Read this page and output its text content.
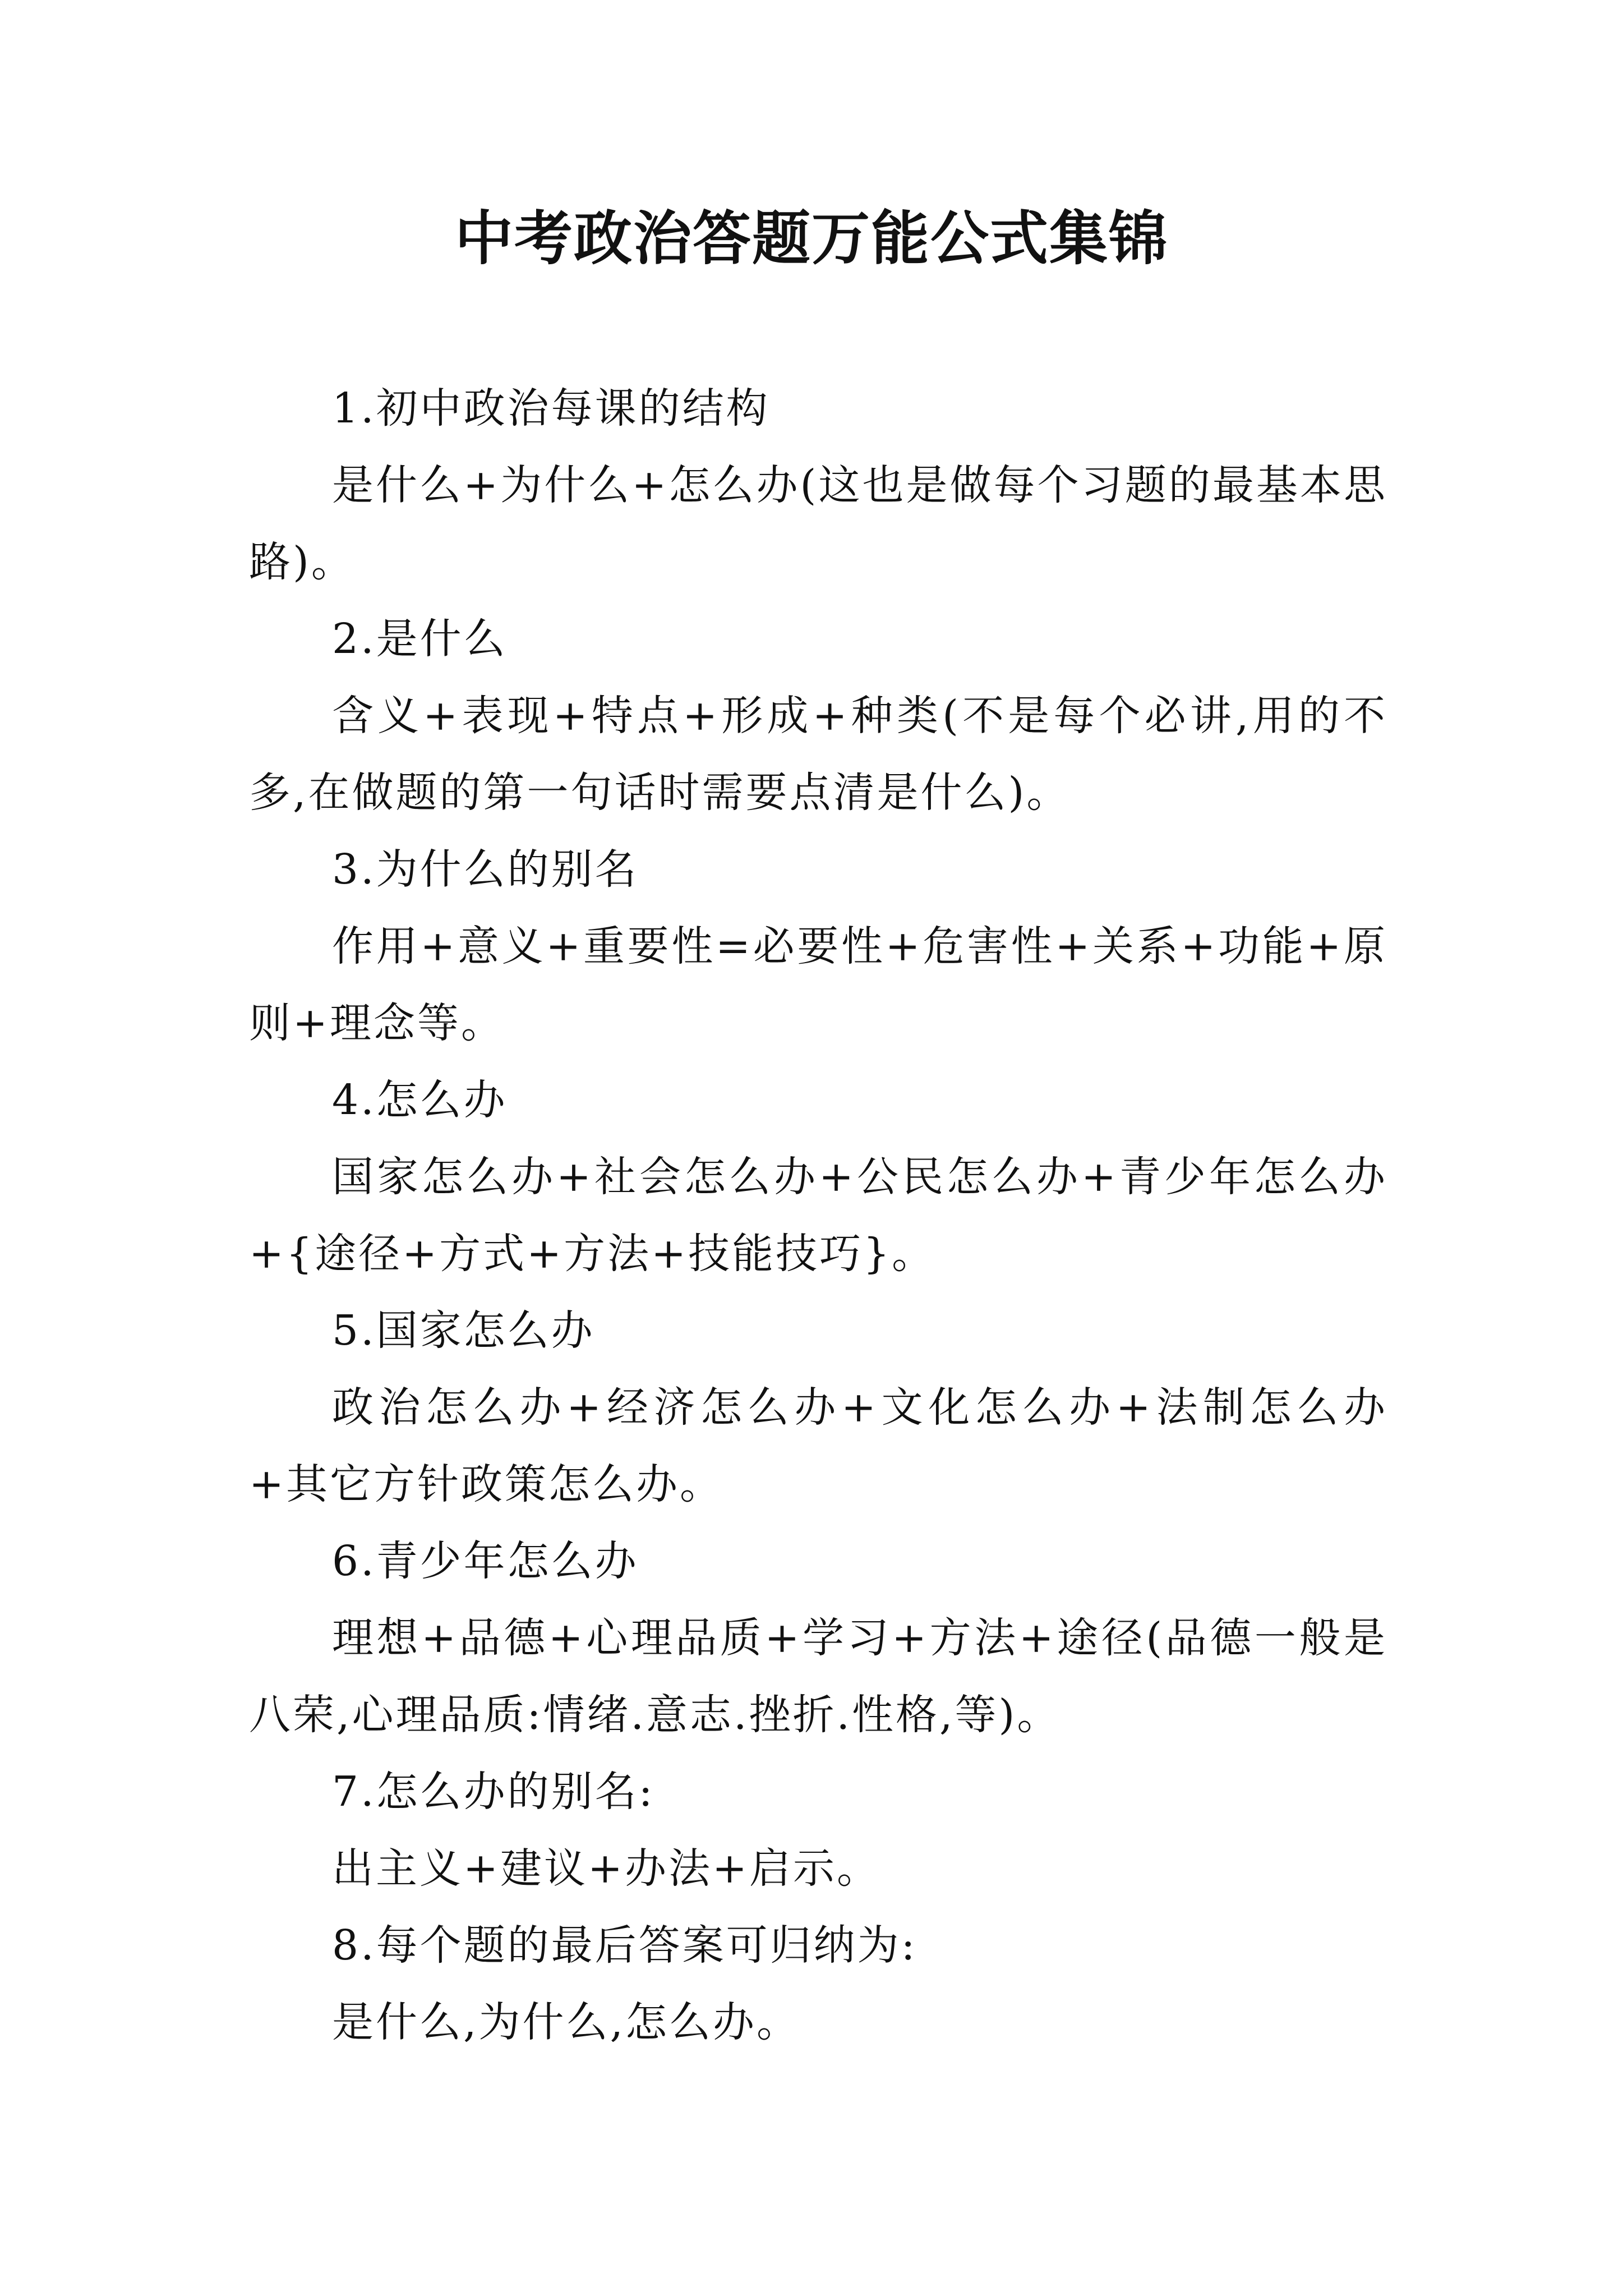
中考政治答题万能公式集锦

1.初中政治每课的结构

是什么+为什么+怎么办(这也是做每个习题的最基本思路)。

2.是什么

含义+表现+特点+形成+种类(不是每个必讲,用的不多,在做题的第一句话时需要点清是什么)。

3.为什么的别名

作用+意义+重要性=必要性+危害性+关系+功能+原则+理念等。

4.怎么办

国家怎么办+社会怎么办+公民怎么办+青少年怎么办+{途径+方式+方法+技能技巧}。

5.国家怎么办

政治怎么办+经济怎么办+文化怎么办+法制怎么办+其它方针政策怎么办。

6.青少年怎么办

理想+品德+心理品质+学习+方法+途径(品德一般是八荣,心理品质:情绪.意志.挫折.性格,等)。

7.怎么办的别名:

出主义+建议+办法+启示。

8.每个题的最后答案可归纳为:

是什么,为什么,怎么办。
